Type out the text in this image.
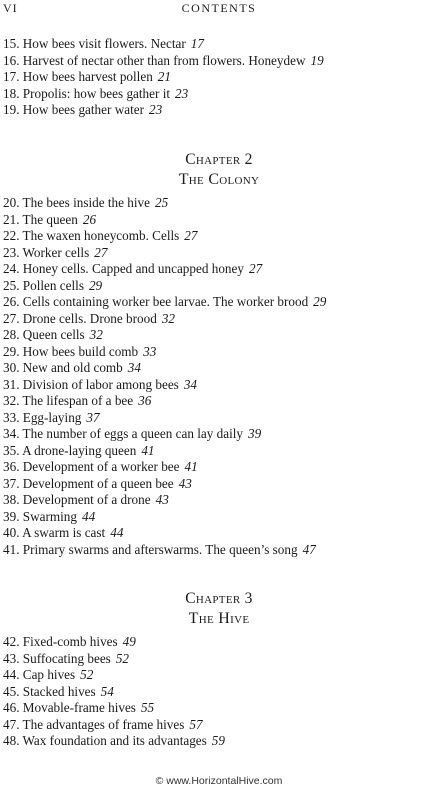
VI	CONTENTS
15. How bees visit flowers. Nectar 17
16. Harvest of nectar other than from flowers. Honeydew 19
17. How bees harvest pollen 21
18. Propolis: how bees gather it 23
19. How bees gather water 23
Chapter 2
The Colony
20. The bees inside the hive 25
21. The queen 26
22. The waxen honeycomb. Cells 27
23. Worker cells 27
24. Honey cells. Capped and uncapped honey 27
25. Pollen cells 29
26. Cells containing worker bee larvae. The worker brood 29
27. Drone cells. Drone brood 32
28. Queen cells 32
29. How bees build comb 33
30. New and old comb 34
31. Division of labor among bees 34
32. The lifespan of a bee 36
33. Egg-laying 37
34. The number of eggs a queen can lay daily 39
35. A drone-laying queen 41
36. Development of a worker bee 41
37. Development of a queen bee 43
38. Development of a drone 43
39. Swarming 44
40. A swarm is cast 44
41. Primary swarms and afterswarms. The queen’s song 47
Chapter 3
The Hive
42. Fixed-comb hives 49
43. Suffocating bees 52
44. Cap hives 52
45. Stacked hives 54
46. Movable-frame hives 55
47. The advantages of frame hives 57
48. Wax foundation and its advantages 59
© www.HorizontalHive.com
